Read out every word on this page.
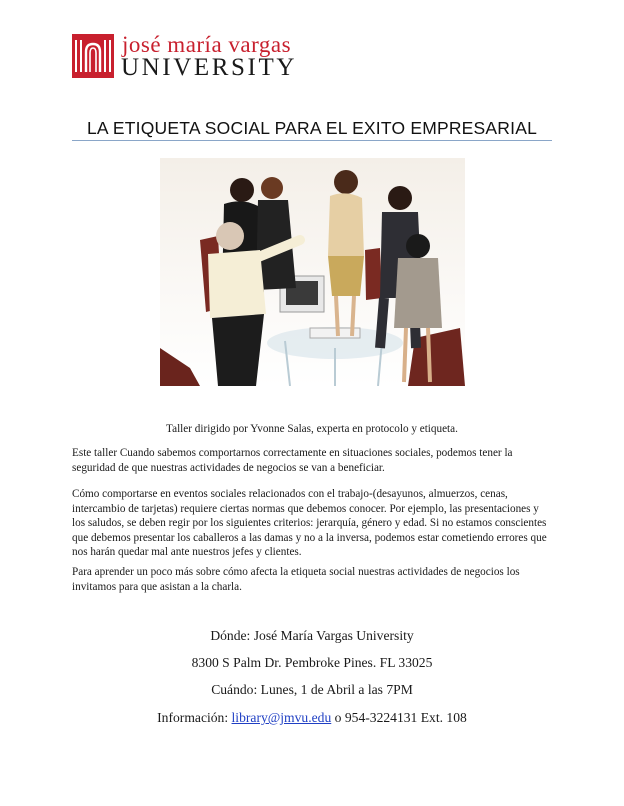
josé maría vargas
UNIVERSITY
LA ETIQUETA SOCIAL PARA EL EXITO EMPRESARIAL
Taller dirigido por Yvonne Salas, experta en protocolo y etiqueta.
Este taller Cuando sabemos comportarnos correctamente en situaciones sociales, podemos tener la seguridad de que nuestras actividades de negocios se van a beneficiar.
Cómo comportarse en eventos sociales relacionados con el trabajo-(desayunos, almuerzos, cenas, intercambio de tarjetas) requiere ciertas normas que debemos conocer. Por ejemplo, las presentaciones y los saludos, se deben regir por los siguientes criterios: jerarquía, género y edad. Si no estamos conscientes que debemos presentar los caballeros a las damas y no a la inversa, podemos estar cometiendo errores que nos harán quedar mal ante nuestros jefes y clientes.
Para aprender un poco más sobre cómo afecta la etiqueta social nuestras actividades de negocios los invitamos para que asistan a la charla.
Dónde: José María Vargas University
8300 S Palm Dr. Pembroke Pines. FL 33025
Cuándo: Lunes, 1 de Abril a las 7PM
Información: library@jmvu.edu o 954-3224131 Ext. 108
